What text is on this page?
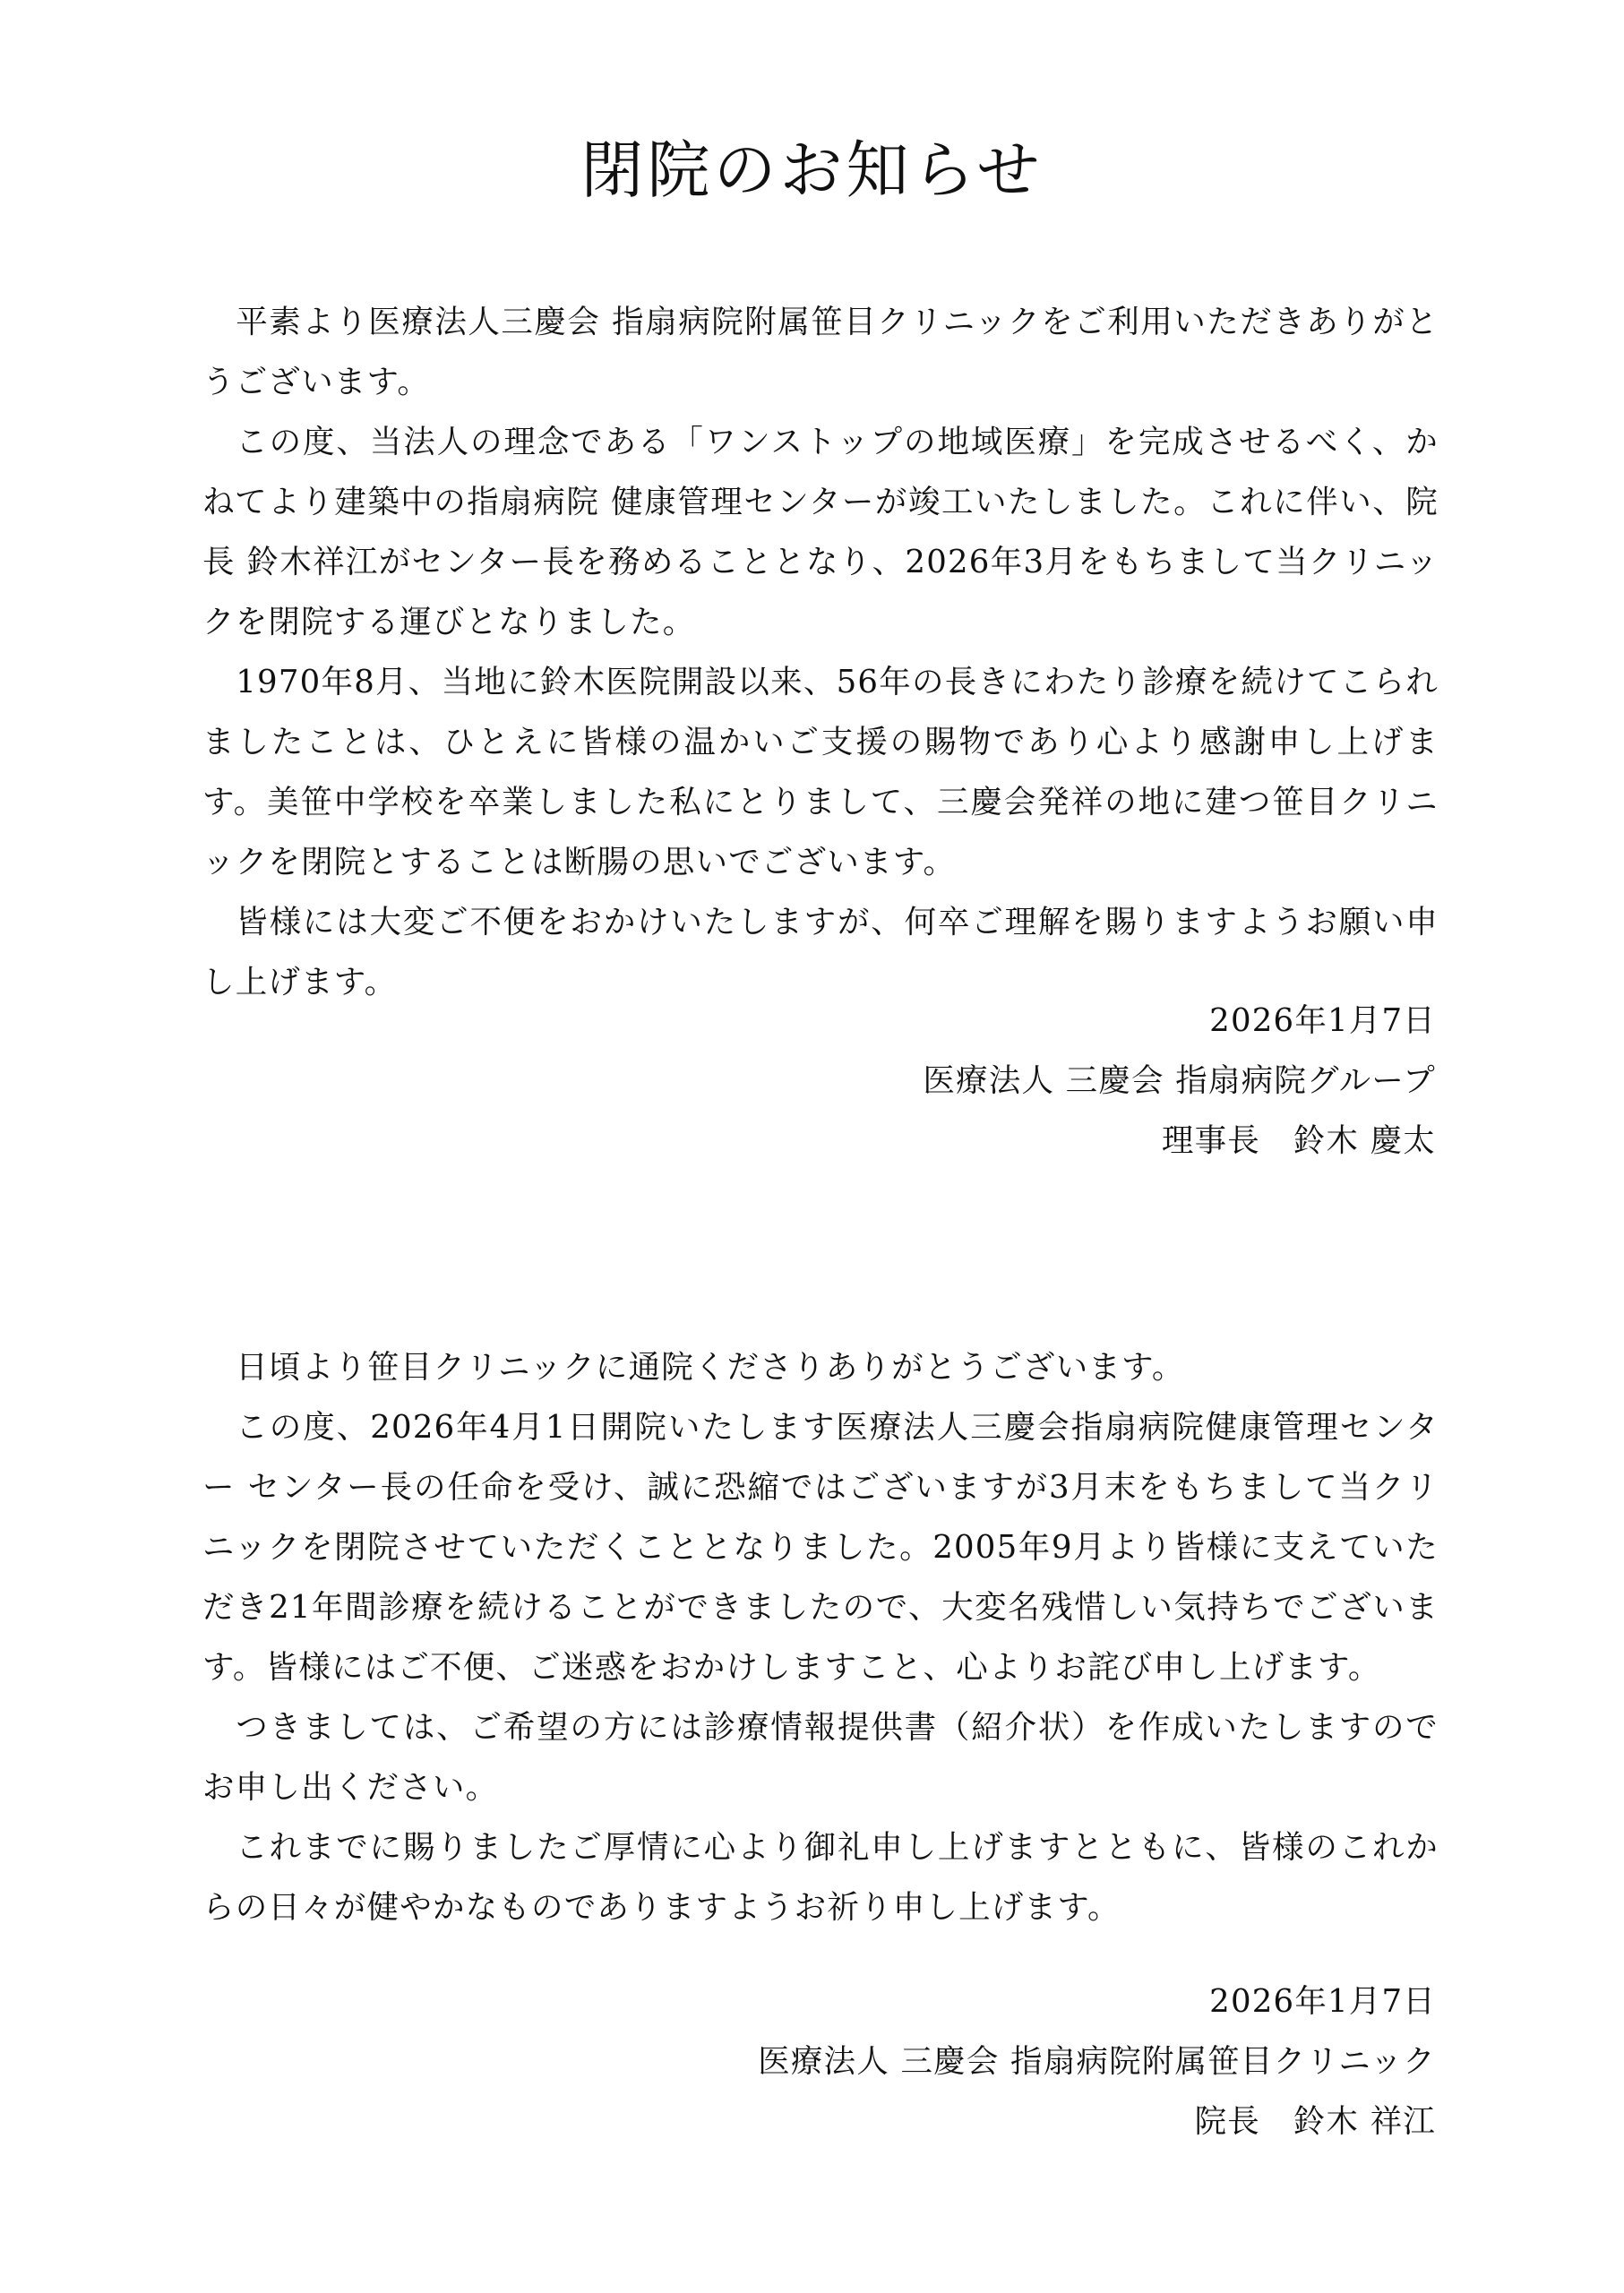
閉院のお知らせ

平素より医療法人三慶会 指扇病院附属笹目クリニックをご利用いただきありがとうございます。

この度、当法人の理念である「ワンストップの地域医療」を完成させるべく、かねてより建築中の指扇病院 健康管理センターが竣工いたしました。これに伴い、院長 鈴木祥江がセンター長を務めることとなり、2026年3月をもちまして当クリニックを閉院する運びとなりました。

1970年8月、当地に鈴木医院開設以来、56年の長きにわたり診療を続けてこられましたことは、ひとえに皆様の温かいご支援の賜物であり心より感謝申し上げます。美笹中学校を卒業しました私にとりまして、三慶会発祥の地に建つ笹目クリニックを閉院とすることは断腸の思いでございます。

皆様には大変ご不便をおかけいたしますが、何卒ご理解を賜りますようお願い申し上げます。

2026年1月7日
医療法人 三慶会 指扇病院グループ
理事長　鈴木 慶太

日頃より笹目クリニックに通院くださりありがとうございます。

この度、2026年4月1日開院いたします医療法人三慶会指扇病院健康管理センター センター長の任命を受け、誠に恐縮ではございますが3月末をもちまして当クリニックを閉院させていただくこととなりました。2005年9月より皆様に支えていただき21年間診療を続けることができましたので、大変名残惜しい気持ちでございます。皆様にはご不便、ご迷惑をおかけしますこと、心よりお詫び申し上げます。

つきましては、ご希望の方には診療情報提供書（紹介状）を作成いたしますのでお申し出ください。

これまでに賜りましたご厚情に心より御礼申し上げますとともに、皆様のこれからの日々が健やかなものでありますようお祈り申し上げます。

2026年1月7日
医療法人 三慶会 指扇病院附属笹目クリニック
院長　鈴木 祥江
